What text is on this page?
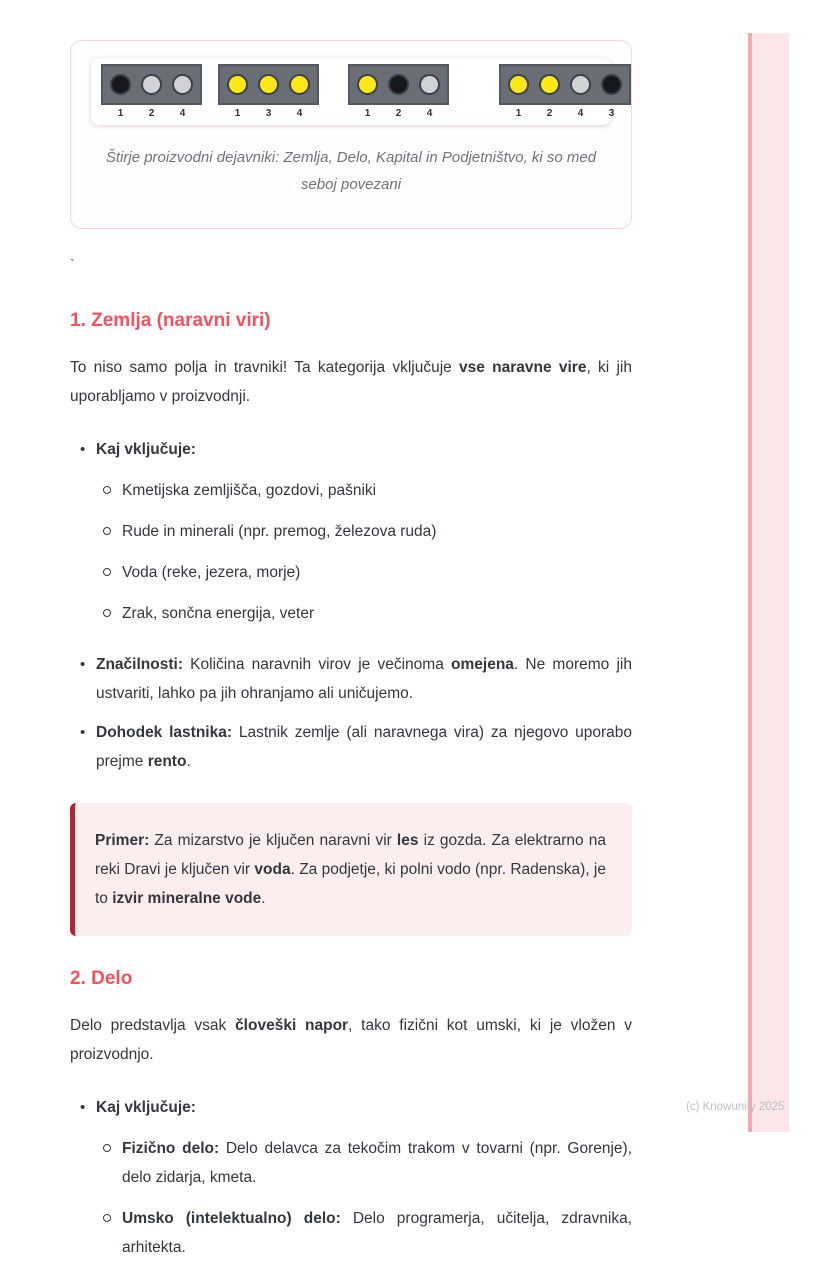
1	2	4	1	3	4	1	2	4	1	2	4	3
Štirje proizvodni dejavniki: Zemlja, Delo, Kapital in Podjetništvo, ki so med seboj povezani
`
1. Zemlja (naravni viri)
To niso samo polja in travniki! Ta kategorija vključuje vse naravne vire, ki jih uporabljamo v proizvodnji.
• Kaj vključuje:
Kmetijska zemljišča, gozdovi, pašniki
Rude in minerali (npr. premog, železova ruda)
Voda (reke, jezera, morje)
Zrak, sončna energija, veter
• Značilnosti: Količina naravnih virov je večinoma omejena. Ne moremo jih ustvariti, lahko pa jih ohranjamo ali uničujemo.
• Dohodek lastnika: Lastnik zemlje (ali naravnega vira) za njegovo uporabo prejme rento.
Primer: Za mizarstvo je ključen naravni vir les iz gozda. Za elektrarno na reki Dravi je ključen vir voda. Za podjetje, ki polni vodo (npr. Radenska), je to izvir mineralne vode.
2. Delo
Delo predstavlja vsak človeški napor, tako fizični kot umski, ki je vložen v proizvodnjo.
• Kaj vključuje:
Fizično delo: Delo delavca za tekočim trakom v tovarni (npr. Gorenje), delo zidarja, kmeta.
Umsko (intelektualno) delo: Delo programerja, učitelja, zdravnika, arhitekta.
(c) Knowunity 2025
